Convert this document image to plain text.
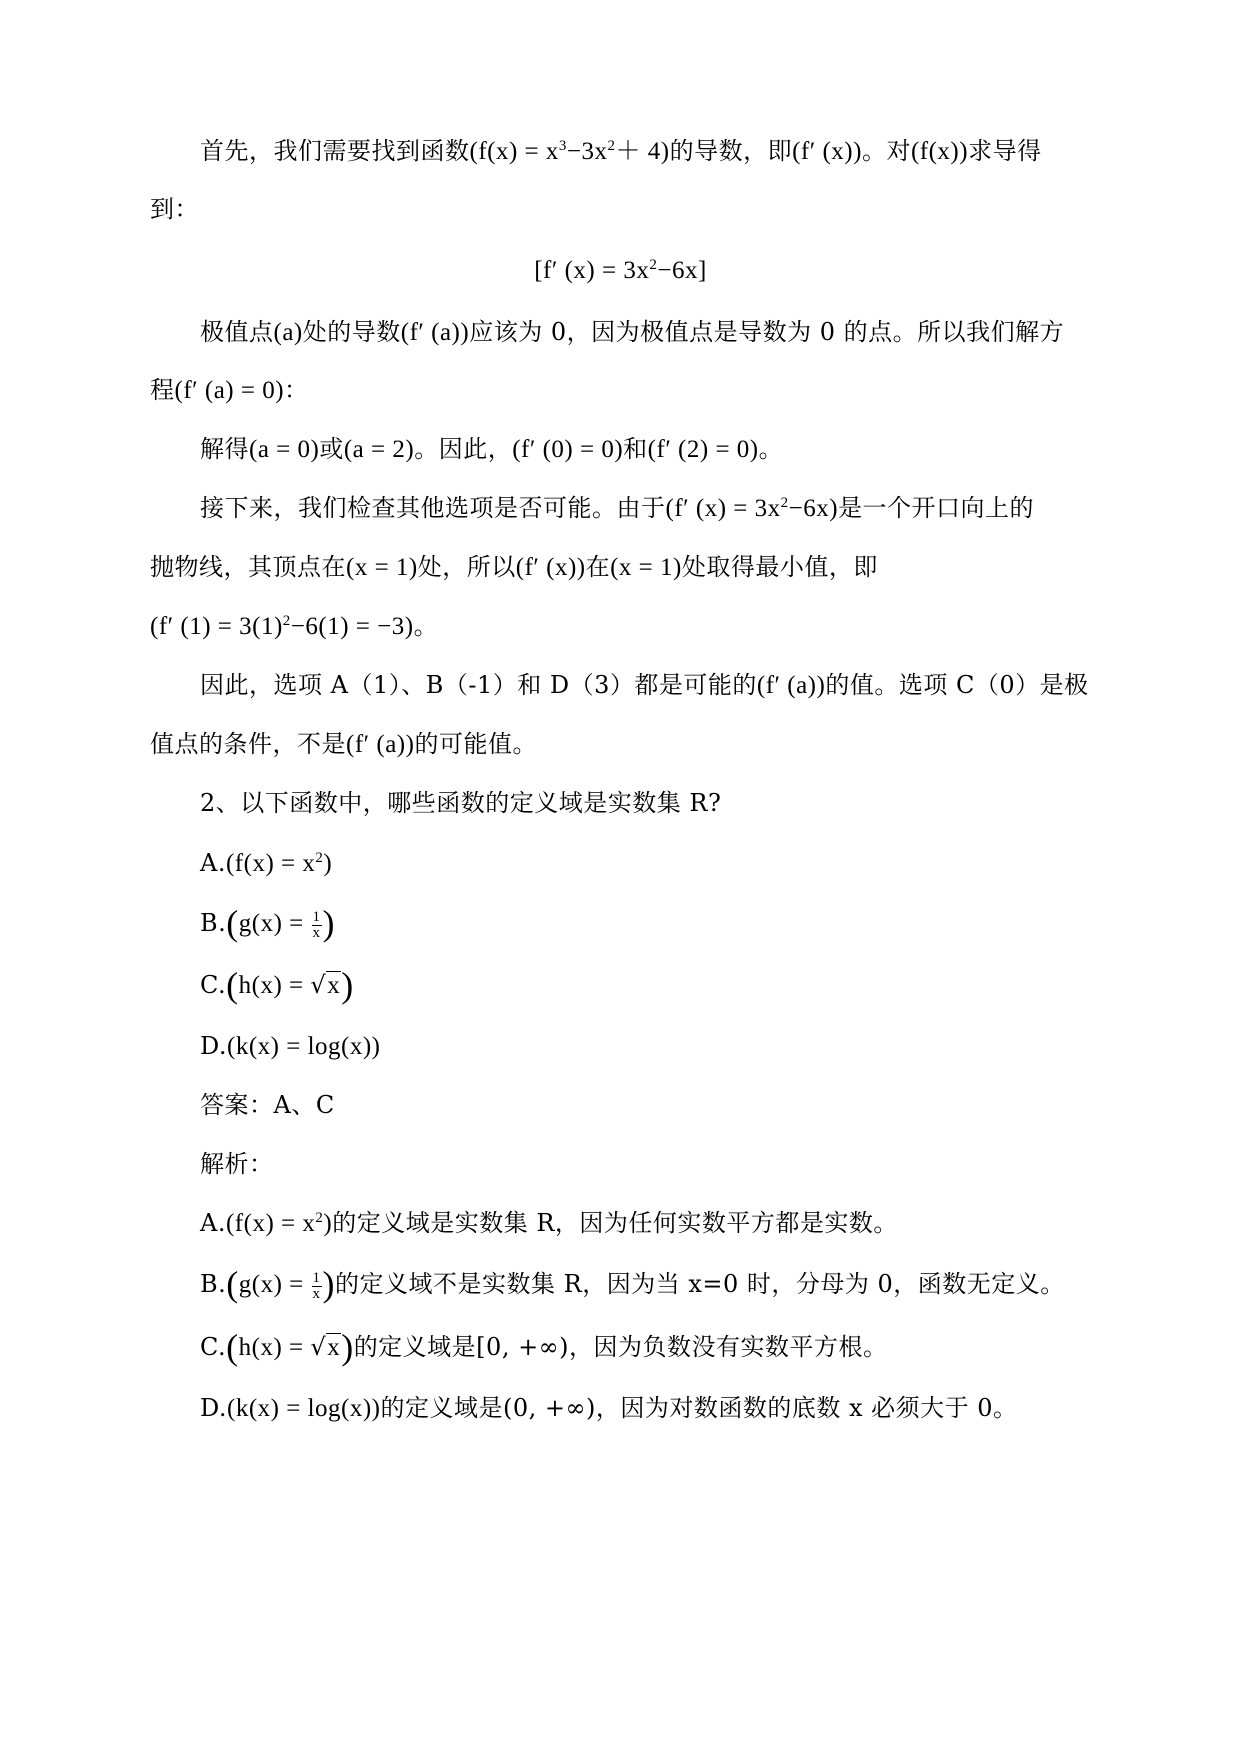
首先，我们需要找到函数$(f(x) = x^3-3x^2+ 4)$的导数，即(f′ (x))。对(f(x))求导得
到：
[f′ $(x) = 3x^2-6x$]
极值点(a)处的导数(f′ (a))应该为 0，因为极值点是导数为 0 的点。所以我们解方
程(f′ (a) = 0)：
解得(a = 0)或(a = 2)。因此，(f′ (0) = 0)和(f′ (2) = 0)。
接下来，我们检查其他选项是否可能。由于(f′ $(x) = 3x^2-6x$)是一个开口向上的
抛物线，其顶点在(x = 1)处，所以(f′ (x))在(x = 1)处取得最小值，即
(f′ $(1) = 3(1)^2-6(1) = -3$)。
因此，选项 A（1）、B（-1）和 D（3）都是可能的(f′ (a))的值。选项 C（0）是极
值点的条件，不是(f′ (a))的可能值。
2、以下函数中，哪些函数的定义域是实数集 R?
$A.(f(x) = x^2)$
$B.(g(x) = \frac{1}{x}$ )
C.(h(x) = √x)
D.(k(x) = log(x))
答案：A、C
解析：
$A.(f(x) = x^2)$的定义域是实数集 R，因为任何实数平方都是实数。
$B.(g(x) = \frac{1}{x}$ )的定义域不是实数集 R，因为当 x=0 时，分母为 0，函数无定义。
C.(h(x) = √x)的定义域是[0, +∞)，因为负数没有实数平方根。
D.(k(x) = log(x))的定义域是(0, +∞)，因为对数函数的底数 x 必须大于 0。
